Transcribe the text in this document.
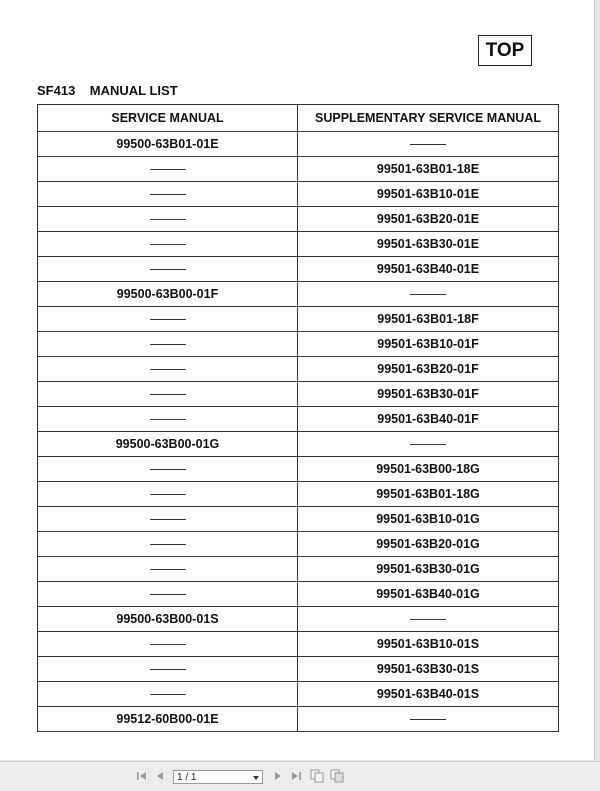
TOP
SF413 MANUAL LIST
SERVICE MANUAL	SUPPLEMENTARY SERVICE MANUAL
99500-63B01-01E	
	99501-63B01-18E
	99501-63B10-01E
	99501-63B20-01E
	99501-63B30-01E
	99501-63B40-01E
99500-63B00-01F	
	99501-63B01-18F
	99501-63B10-01F
	99501-63B20-01F
	99501-63B30-01F
	99501-63B40-01F
99500-63B00-01G	
	99501-63B00-18G
	99501-63B01-18G
	99501-63B10-01G
	99501-63B20-01G
	99501-63B30-01G
	99501-63B40-01G
99500-63B00-01S	
	99501-63B10-01S
	99501-63B30-01S
	99501-63B40-01S
99512-60B00-01E	
1 / 1
